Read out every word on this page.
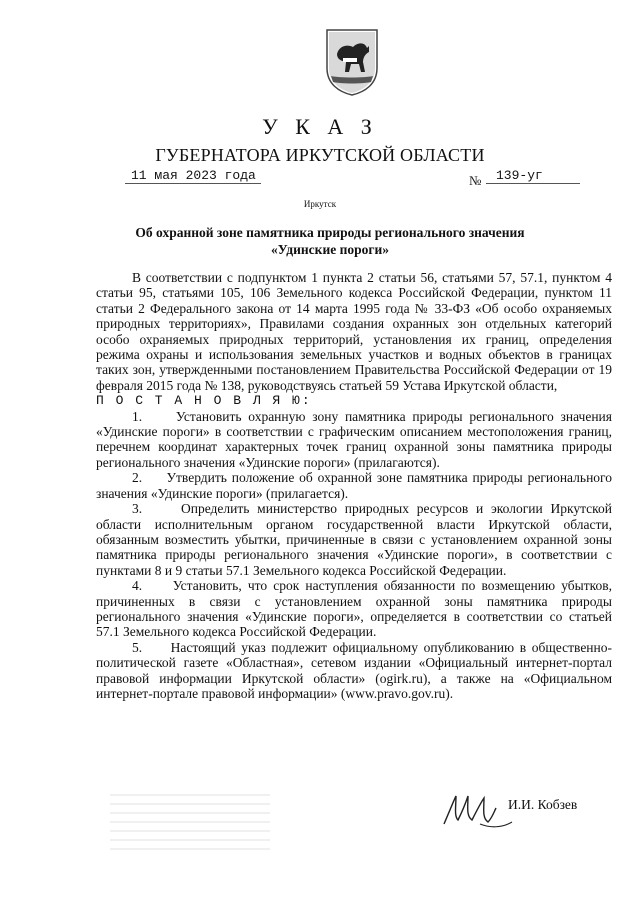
У К А З
ГУБЕРНАТОРА ИРКУТСКОЙ ОБЛАСТИ
11 мая 2023 года	№	139-уг
Иркутск
Об охранной зоне памятника природы регионального значения
«Удинские пороги»

В соответствии с подпунктом 1 пункта 2 статьи 56, статьями 57, 57.1, пунктом 4 статьи 95, статьями 105, 106 Земельного кодекса Российской Федерации, пунктом 11 статьи 2 Федерального закона от 14 марта 1995 года № 33-ФЗ «Об особо охраняемых природных территориях», Правилами создания охранных зон отдельных категорий особо охраняемых природных территорий, установления их границ, определения режима охраны и использования земельных участков и водных объектов в границах таких зон, утвержденными постановлением Правительства Российской Федерации от 19 февраля 2015 года № 138, руководствуясь статьей 59 Устава Иркутской области,

П О С Т А Н О В Л Я Ю:

1.	Установить охранную зону памятника природы регионального значения «Удинские пороги» в соответствии с графическим описанием местоположения границ, перечнем координат характерных точек границ охранной зоны памятника природы регионального значения «Удинские пороги» (прилагаются).

2. Утвердить положение об охранной зоне памятника природы регионального значения «Удинские пороги» (прилагается).

3.	Определить министерство природных ресурсов и экологии Иркутской области исполнительным органом государственной власти Иркутской области, обязанным возместить убытки, причиненные в связи с установлением охранной зоны памятника природы регионального значения «Удинские пороги», в соответствии с пунктами 8 и 9 статьи 57.1 Земельного кодекса Российской Федерации.

4. Установить, что срок наступления обязанности по возмещению убытков, причиненных в связи с установлением охранной зоны памятника природы регионального значения «Удинские пороги», определяется в соответствии со статьей 57.1 Земельного кодекса Российской Федерации.

5. Настоящий указ подлежит официальному опубликованию в общественно-политической газете «Областная», сетевом издании «Официальный интернет-портал правовой информации Иркутской области» (ogirk.ru), а также на «Официальном интернет-портале правовой информации» (www.pravo.gov.ru).

И.И. Кобзев
